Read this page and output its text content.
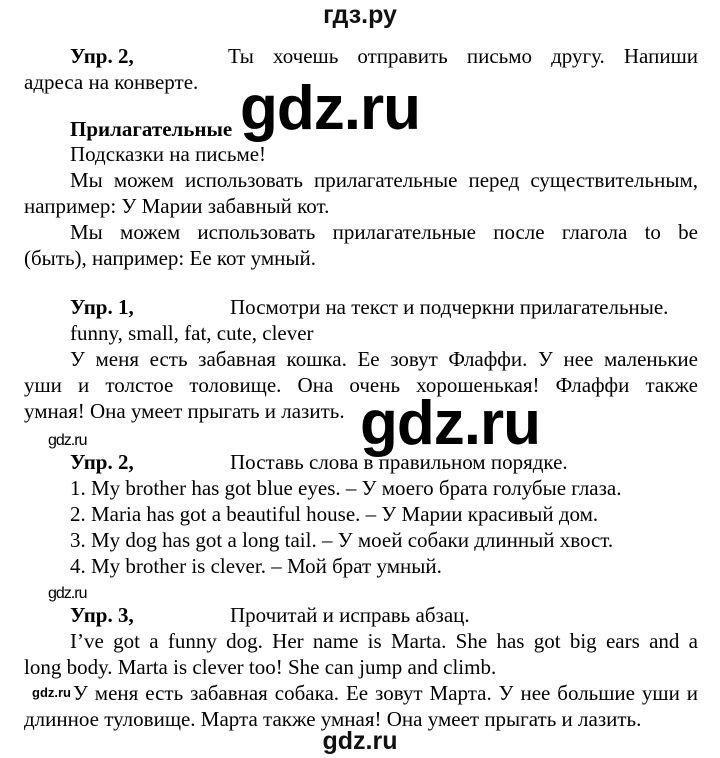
гдз.ру
Упр. 2,	Ты хочешь отправить письмо другу. Напиши
адреса на конверте. gdz.ru
Прилагательные
Подсказки на письме!
Мы можем использовать прилагательные перед существительным,
например: У Марии забавный кот.
Мы можем использовать прилагательные после глагола to be
(быть), например: Ее кот умный.
Упр. 1,	Посмотри на текст и подчеркни прилагательные.
funny, small, fat, cute, clever
У меня есть забавная кошка. Ее зовут Флаффи. У нее маленькие
уши и толстое толовище. Она очень хорошенькая! Флаффи также
умная! Она умеет прыгать и лазить. gdz.ru
gdz.ru
Упр. 2,	Поставь слова в правильном порядке.
1. My brother has got blue eyes. – У моего брата голубые глаза.
2. Maria has got a beautiful house. – У Марии красивый дом.
3. My dog has got a long tail. – У моей собаки длинный хвост.
4. My brother is clever. – Мой брат умный.
gdz.ru
Упр. 3,	Прочитай и исправь абзац.
I’ve got a funny dog. Her name is Marta. She has got big ears and a
long body. Marta is clever too! She can jump and climb.
gdz.ru У меня есть забавная собака. Ее зовут Марта. У нее большие уши и
длинное туловище. Марта также умная! Она умеет прыгать и лазить.
gdz.ru
